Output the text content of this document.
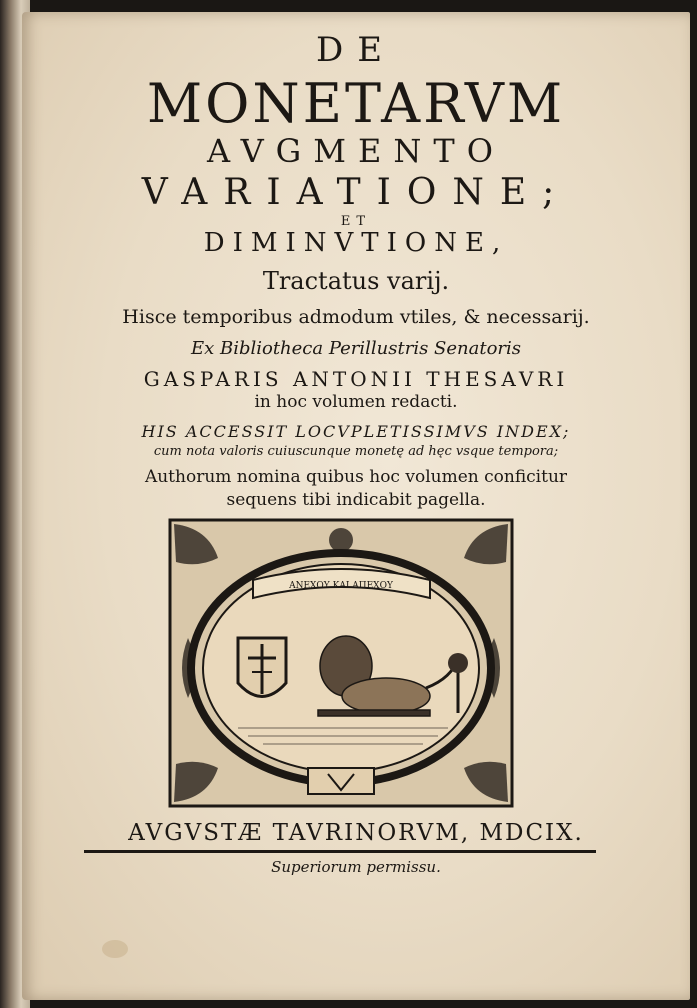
DE
MONETARVM
AVGMENTO
VARIATIONE;
ET
DIMINVTIONE,
Tractatus varij.
Hisce temporibus admodum vtiles, & necessarij.
Ex Bibliotheca Perillustris Senatoris
GASPARIS ANTONII THESAVRI
in hoc volumen redacti.
HIS ACCESSIT LOCVPLETISSIMVS INDEX;
cum nota valoris cuiuscunque monetę ad hęc vsque tempora;
Authorum nomina quibus hoc volumen conficitur
sequens tibi indicabit pagella.
ΑΝΕΧΟΥ ΚΑΙ ΑΠΕΧΟΥ
AVGVSTÆ TAVRINORVM, MDCIX.
Superiorum permissu.
